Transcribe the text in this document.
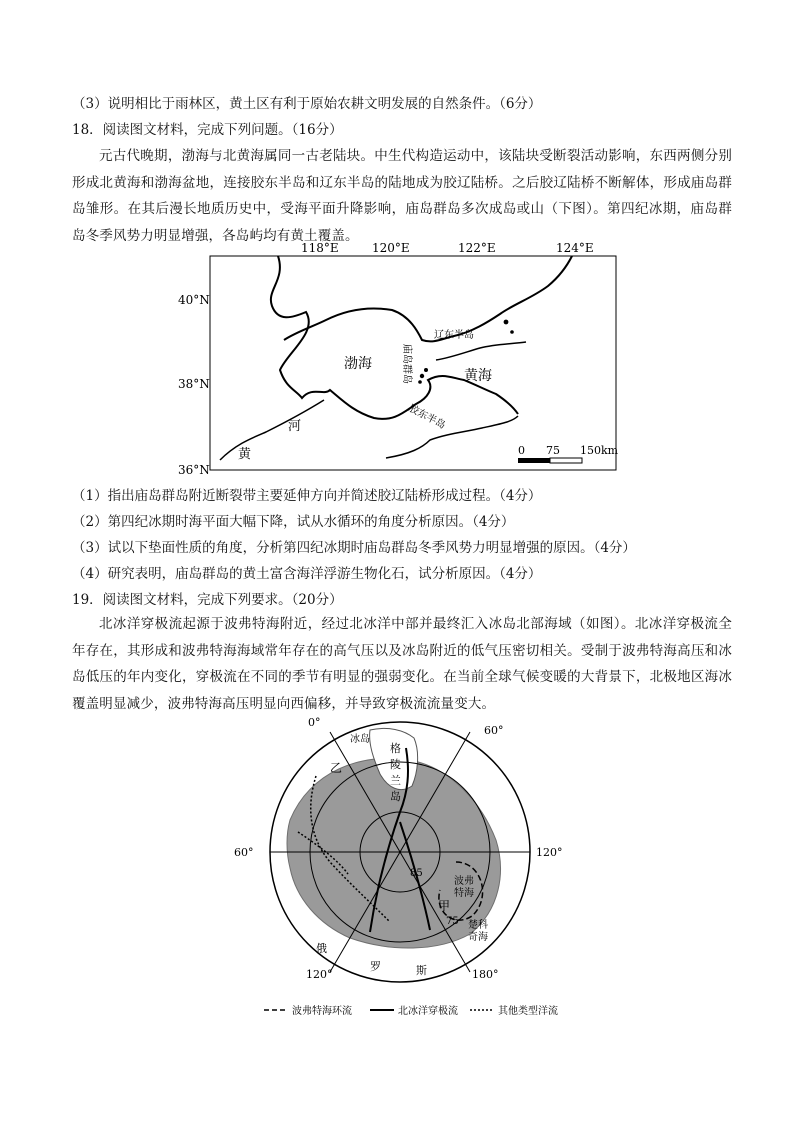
（3）说明相比于雨林区，黄土区有利于原始农耕文明发展的自然条件。（6分）
18．阅读图文材料，完成下列问题。（16分）
元古代晚期，渤海与北黄海属同一古老陆块。中生代构造运动中，该陆块受断裂活动影响，东西两侧分别形成北黄海和渤海盆地，连接胶东半岛和辽东半岛的陆地成为胶辽陆桥。之后胶辽陆桥不断解体，形成庙岛群岛雏形。在其后漫长地质历史中，受海平面升降影响，庙岛群岛多次成岛或山（下图）。第四纪冰期，庙岛群岛冬季风势力明显增强，各岛屿均有黄土覆盖。
118°E	120°E	122°E	124°E
40°N
38°N
36°N
渤海
黄海
辽东半岛
胶东半岛
庙岛群岛
河
黄	0 75 150km
（1）指出庙岛群岛附近断裂带主要延伸方向并简述胶辽陆桥形成过程。（4分）
（2）第四纪冰期时海平面大幅下降，试从水循环的角度分析原因。（4分）
（3）试以下垫面性质的角度，分析第四纪冰期时庙岛群岛冬季风势力明显增强的原因。（4分）
（4）研究表明，庙岛群岛的黄土富含海洋浮游生物化石，试分析原因。（4分）
19．阅读图文材料，完成下列要求。（20分）
北冰洋穿极流起源于波弗特海附近，经过北冰洋中部并最终汇入冰岛北部海域（如图）。北冰洋穿极流全年存在，其形成和波弗特海海域常年存在的高气压以及冰岛附近的低气压密切相关。受制于波弗特海高压和冰岛低压的年内变化，穿极流在不同的季节有明显的强弱变化。在当前全球气候变暖的大背景下，北极地区海冰覆盖明显减少，波弗特海高压明显向西偏移，并导致穿极流流量变大。
0°
60°
60°	120°
120°	180°
冰岛
格
陵
兰
岛
乙
甲
85
75
波弗
特海
楚科
奇海
俄
罗	斯
波弗特海环流	北冰洋穿极流	其他类型洋流
